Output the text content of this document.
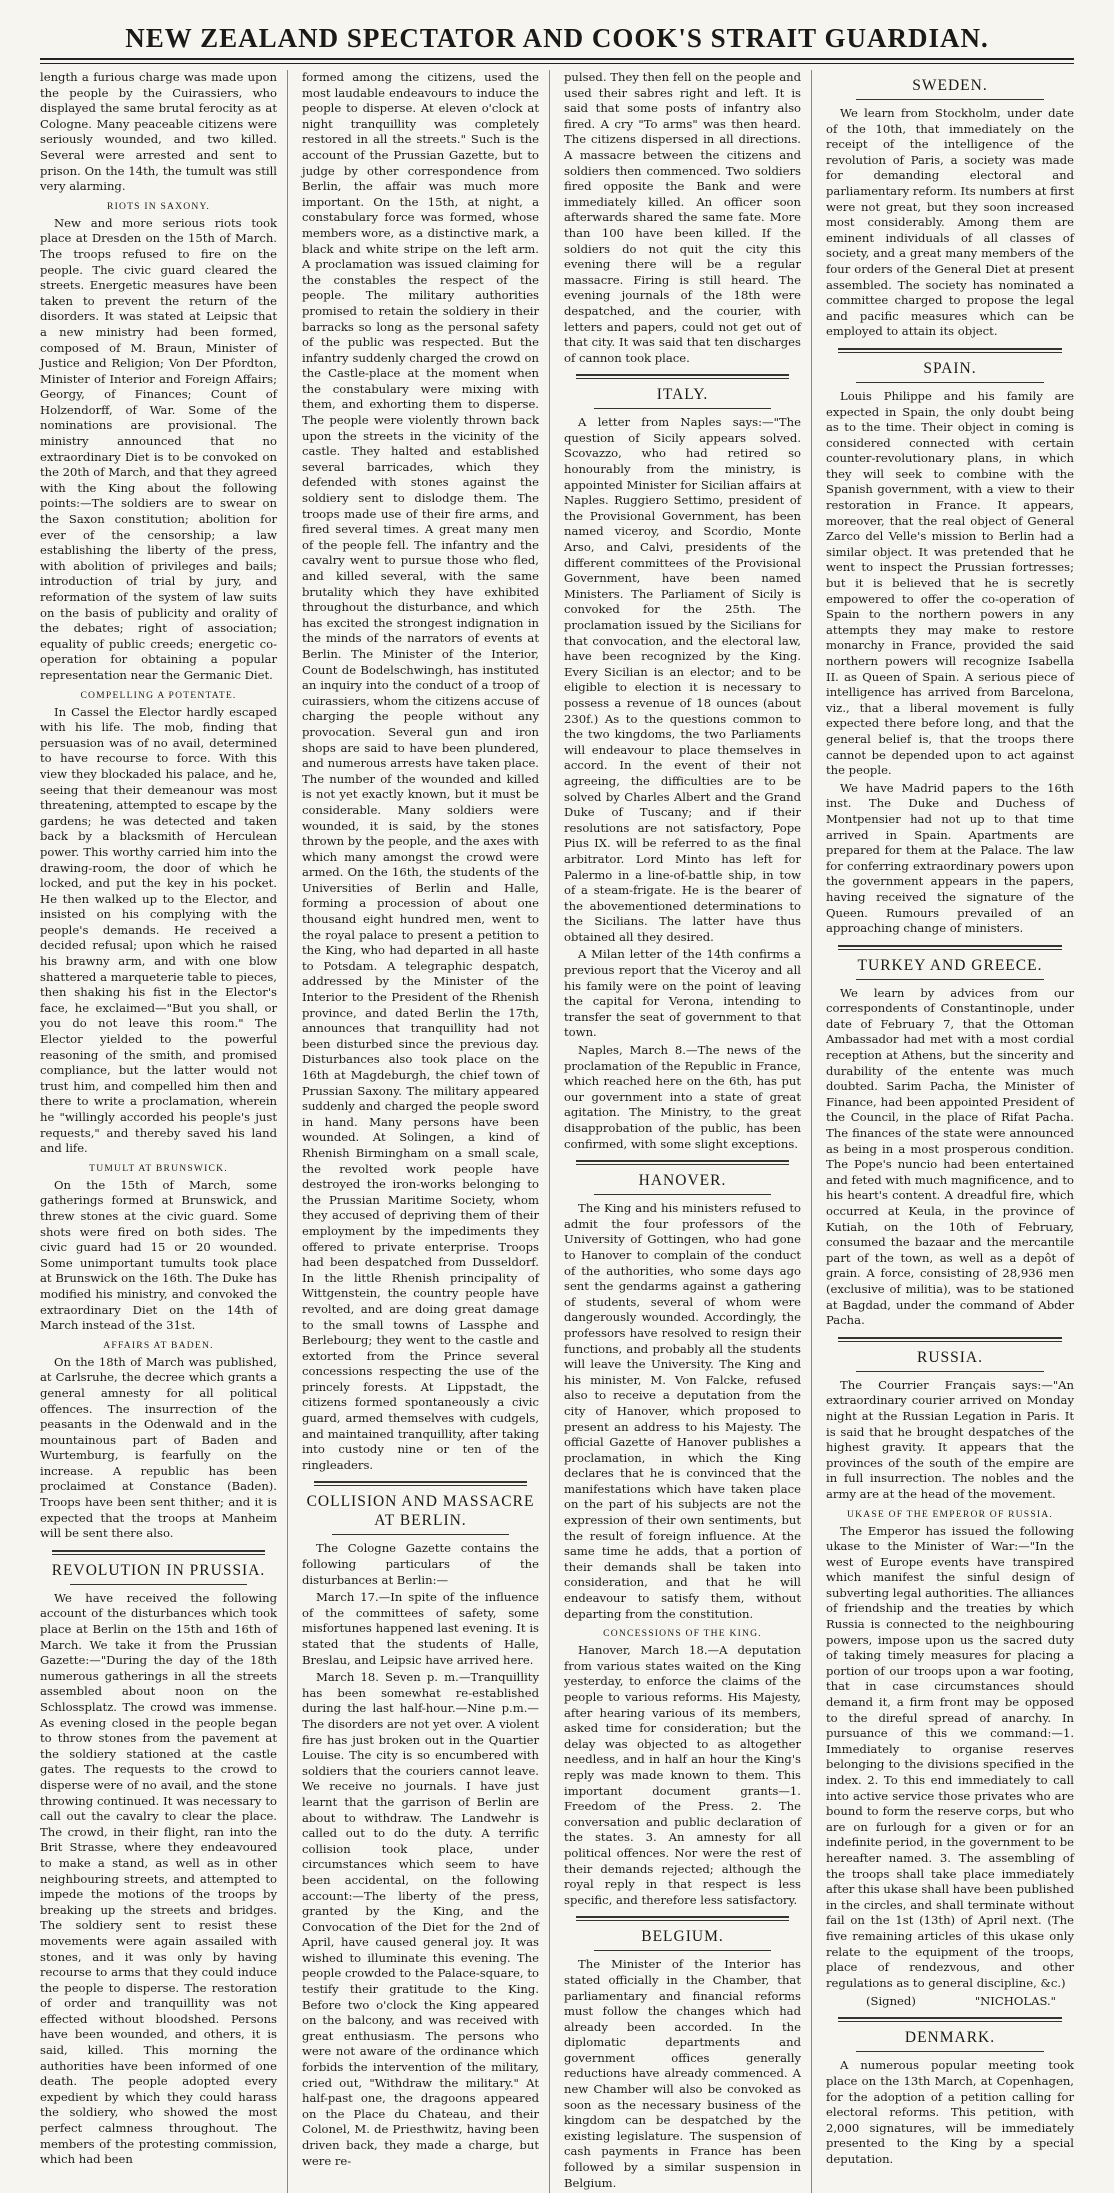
NEW ZEALAND SPECTATOR AND COOK'S STRAIT GUARDIAN.

length a furious charge was made upon the people by the Cuirassiers, who displayed the same brutal ferocity as at Cologne. Many peaceable citizens were seriously wounded, and two killed. Several were arrested and sent to prison. On the 14th, the tumult was still very alarming.

RIOTS IN SAXONY.

New and more serious riots took place at Dresden on the 15th of March. The troops refused to fire on the people. The civic guard cleared the streets. Energetic measures have been taken to prevent the return of the disorders. It was stated at Leipsic that a new ministry had been formed, composed of M. Braun, Minister of Justice and Religion; Von Der Pfordton, Minister of Interior and Foreign Affairs; Georgy, of Finances; Count of Holzendorff, of War. Some of the nominations are provisional. The ministry announced that no extraordinary Diet is to be convoked on the 20th of March, and that they agreed with the King about the following points:—The soldiers are to swear on the Saxon constitution; abolition for ever of the censorship; a law establishing the liberty of the press, with abolition of privileges and bails; introduction of trial by jury, and reformation of the system of law suits on the basis of publicity and orality of the debates; right of association; equality of public creeds; energetic co-operation for obtaining a popular representation near the Germanic Diet.

COMPELLING A POTENTATE.

In Cassel the Elector hardly escaped with his life. The mob, finding that persuasion was of no avail, determined to have recourse to force. With this view they blockaded his palace, and he, seeing that their demeanour was most threatening, attempted to escape by the gardens; he was detected and taken back by a blacksmith of Herculean power. This worthy carried him into the drawing-room, the door of which he locked, and put the key in his pocket. He then walked up to the Elector, and insisted on his complying with the people's demands. He received a decided refusal; upon which he raised his brawny arm, and with one blow shattered a marqueterie table to pieces, then shaking his fist in the Elector's face, he exclaimed—"But you shall, or you do not leave this room." The Elector yielded to the powerful reasoning of the smith, and promised compliance, but the latter would not trust him, and compelled him then and there to write a proclamation, wherein he "willingly accorded his people's just requests," and thereby saved his land and life.

TUMULT AT BRUNSWICK.

On the 15th of March, some gatherings formed at Brunswick, and threw stones at the civic guard. Some shots were fired on both sides. The civic guard had 15 or 20 wounded. Some unimportant tumults took place at Brunswick on the 16th. The Duke has modified his ministry, and convoked the extraordinary Diet on the 14th of March instead of the 31st.

AFFAIRS AT BADEN.

On the 18th of March was published, at Carlsruhe, the decree which grants a general amnesty for all political offences. The insurrection of the peasants in the Odenwald and in the mountainous part of Baden and Wurtemburg, is fearfully on the increase. A republic has been proclaimed at Constance (Baden). Troops have been sent thither; and it is expected that the troops at Manheim will be sent there also.

REVOLUTION IN PRUSSIA.

We have received the following account of the disturbances which took place at Berlin on the 15th and 16th of March. We take it from the Prussian Gazette:—"During the day of the 18th numerous gatherings in all the streets assembled about noon on the Schlossplatz. The crowd was immense. As evening closed in the people began to throw stones from the pavement at the soldiery stationed at the castle gates. The requests to the crowd to disperse were of no avail, and the stone throwing continued. It was necessary to call out the cavalry to clear the place. The crowd, in their flight, ran into the Brit Strasse, where they endeavoured to make a stand, as well as in other neighbouring streets, and attempted to impede the motions of the troops by breaking up the streets and bridges. The soldiery sent to resist these movements were again assailed with stones, and it was only by having recourse to arms that they could induce the people to disperse. The restoration of order and tranquillity was not effected without bloodshed. Persons have been wounded, and others, it is said, killed. This morning the authorities have been informed of one death. The people adopted every expedient by which they could harass the soldiery, who showed the most perfect calmness throughout. The members of the protesting commission, which had been

formed among the citizens, used the most laudable endeavours to induce the people to disperse. At eleven o'clock at night tranquillity was completely restored in all the streets." Such is the account of the Prussian Gazette, but to judge by other correspondence from Berlin, the affair was much more important. On the 15th, at night, a constabulary force was formed, whose members wore, as a distinctive mark, a black and white stripe on the left arm. A proclamation was issued claiming for the constables the respect of the people. The military authorities promised to retain the soldiery in their barracks so long as the personal safety of the public was respected. But the infantry suddenly charged the crowd on the Castle-place at the moment when the constabulary were mixing with them, and exhorting them to disperse. The people were violently thrown back upon the streets in the vicinity of the castle. They halted and established several barricades, which they defended with stones against the soldiery sent to dislodge them. The troops made use of their fire arms, and fired several times. A great many men of the people fell. The infantry and the cavalry went to pursue those who fled, and killed several, with the same brutality which they have exhibited throughout the disturbance, and which has excited the strongest indignation in the minds of the narrators of events at Berlin. The Minister of the Interior, Count de Bodelschwingh, has instituted an inquiry into the conduct of a troop of cuirassiers, whom the citizens accuse of charging the people without any provocation. Several gun and iron shops are said to have been plundered, and numerous arrests have taken place. The number of the wounded and killed is not yet exactly known, but it must be considerable. Many soldiers were wounded, it is said, by the stones thrown by the people, and the axes with which many amongst the crowd were armed. On the 16th, the students of the Universities of Berlin and Halle, forming a procession of about one thousand eight hundred men, went to the royal palace to present a petition to the King, who had departed in all haste to Potsdam. A telegraphic despatch, addressed by the Minister of the Interior to the President of the Rhenish province, and dated Berlin the 17th, announces that tranquillity had not been disturbed since the previous day. Disturbances also took place on the 16th at Magdeburgh, the chief town of Prussian Saxony. The military appeared suddenly and charged the people sword in hand. Many persons have been wounded. At Solingen, a kind of Rhenish Birmingham on a small scale, the revolted work people have destroyed the iron-works belonging to the Prussian Maritime Society, whom they accused of depriving them of their employment by the impediments they offered to private enterprise. Troops had been despatched from Dusseldorf. In the little Rhenish principality of Wittgenstein, the country people have revolted, and are doing great damage to the small towns of Lassphe and Berlebourg; they went to the castle and extorted from the Prince several concessions respecting the use of the princely forests. At Lippstadt, the citizens formed spontaneously a civic guard, armed themselves with cudgels, and maintained tranquillity, after taking into custody nine or ten of the ringleaders.

COLLISION AND MASSACRE AT BERLIN.

The Cologne Gazette contains the following particulars of the disturbances at Berlin:—

March 17.—In spite of the influence of the committees of safety, some misfortunes happened last evening. It is stated that the students of Halle, Breslau, and Leipsic have arrived here.

March 18. Seven p. m.—Tranquillity has been somewhat re-established during the last half-hour.—Nine p.m.—The disorders are not yet over. A violent fire has just broken out in the Quartier Louise. The city is so encumbered with soldiers that the couriers cannot leave. We receive no journals. I have just learnt that the garrison of Berlin are about to withdraw. The Landwehr is called out to do the duty. A terrific collision took place, under circumstances which seem to have been accidental, on the following account:—The liberty of the press, granted by the King, and the Convocation of the Diet for the 2nd of April, have caused general joy. It was wished to illuminate this evening. The people crowded to the Palace-square, to testify their gratitude to the King. Before two o'clock the King appeared on the balcony, and was received with great enthusiasm. The persons who were not aware of the ordinance which forbids the intervention of the military, cried out, "Withdraw the military." At half-past one, the dragoons appeared on the Place du Chateau, and their Colonel, M. de Priesthwitz, having been driven back, they made a charge, but were re-

pulsed. They then fell on the people and used their sabres right and left. It is said that some posts of infantry also fired. A cry "To arms" was then heard. The citizens dispersed in all directions. A massacre between the citizens and soldiers then commenced. Two soldiers fired opposite the Bank and were immediately killed. An officer soon afterwards shared the same fate. More than 100 have been killed. If the soldiers do not quit the city this evening there will be a regular massacre. Firing is still heard. The evening journals of the 18th were despatched, and the courier, with letters and papers, could not get out of that city. It was said that ten discharges of cannon took place.

ITALY.

A letter from Naples says:—"The question of Sicily appears solved. Scovazzo, who had retired so honourably from the ministry, is appointed Minister for Sicilian affairs at Naples. Ruggiero Settimo, president of the Provisional Government, has been named viceroy, and Scordio, Monte Arso, and Calvi, presidents of the different committees of the Provisional Government, have been named Ministers. The Parliament of Sicily is convoked for the 25th. The proclamation issued by the Sicilians for that convocation, and the electoral law, have been recognized by the King. Every Sicilian is an elector; and to be eligible to election it is necessary to possess a revenue of 18 ounces (about 230f.) As to the questions common to the two kingdoms, the two Parliaments will endeavour to place themselves in accord. In the event of their not agreeing, the difficulties are to be solved by Charles Albert and the Grand Duke of Tuscany; and if their resolutions are not satisfactory, Pope Pius IX. will be referred to as the final arbitrator. Lord Minto has left for Palermo in a line-of-battle ship, in tow of a steam-frigate. He is the bearer of the abovementioned determinations to the Sicilians. The latter have thus obtained all they desired.

A Milan letter of the 14th confirms a previous report that the Viceroy and all his family were on the point of leaving the capital for Verona, intending to transfer the seat of government to that town.

Naples, March 8.—The news of the proclamation of the Republic in France, which reached here on the 6th, has put our government into a state of great agitation. The Ministry, to the great disapprobation of the public, has been confirmed, with some slight exceptions.

HANOVER.

The King and his ministers refused to admit the four professors of the University of Gottingen, who had gone to Hanover to complain of the conduct of the authorities, who some days ago sent the gendarms against a gathering of students, several of whom were dangerously wounded. Accordingly, the professors have resolved to resign their functions, and probably all the students will leave the University. The King and his minister, M. Von Falcke, refused also to receive a deputation from the city of Hanover, which proposed to present an address to his Majesty. The official Gazette of Hanover publishes a proclamation, in which the King declares that he is convinced that the manifestations which have taken place on the part of his subjects are not the expression of their own sentiments, but the result of foreign influence. At the same time he adds, that a portion of their demands shall be taken into consideration, and that he will endeavour to satisfy them, without departing from the constitution.

CONCESSIONS OF THE KING.

Hanover, March 18.—A deputation from various states waited on the King yesterday, to enforce the claims of the people to various reforms. His Majesty, after hearing various of its members, asked time for consideration; but the delay was objected to as altogether needless, and in half an hour the King's reply was made known to them. This important document grants—1. Freedom of the Press. 2. The conversation and public declaration of the states. 3. An amnesty for all political offences. Nor were the rest of their demands rejected; although the royal reply in that respect is less specific, and therefore less satisfactory.

BELGIUM.

The Minister of the Interior has stated officially in the Chamber, that parliamentary and financial reforms must follow the changes which had already been accorded. In the diplomatic departments and government offices generally reductions have already commenced. A new Chamber will also be convoked as soon as the necessary business of the kingdom can be despatched by the existing legislature. The suspension of cash payments in France has been followed by a similar suspension in Belgium.

SWEDEN.

We learn from Stockholm, under date of the 10th, that immediately on the receipt of the intelligence of the revolution of Paris, a society was made for demanding electoral and parliamentary reform. Its numbers at first were not great, but they soon increased most considerably. Among them are eminent individuals of all classes of society, and a great many members of the four orders of the General Diet at present assembled. The society has nominated a committee charged to propose the legal and pacific measures which can be employed to attain its object.

SPAIN.

Louis Philippe and his family are expected in Spain, the only doubt being as to the time. Their object in coming is considered connected with certain counter-revolutionary plans, in which they will seek to combine with the Spanish government, with a view to their restoration in France. It appears, moreover, that the real object of General Zarco del Velle's mission to Berlin had a similar object. It was pretended that he went to inspect the Prussian fortresses; but it is believed that he is secretly empowered to offer the co-operation of Spain to the northern powers in any attempts they may make to restore monarchy in France, provided the said northern powers will recognize Isabella II. as Queen of Spain. A serious piece of intelligence has arrived from Barcelona, viz., that a liberal movement is fully expected there before long, and that the general belief is, that the troops there cannot be depended upon to act against the people.

We have Madrid papers to the 16th inst. The Duke and Duchess of Montpensier had not up to that time arrived in Spain. Apartments are prepared for them at the Palace. The law for conferring extraordinary powers upon the government appears in the papers, having received the signature of the Queen. Rumours prevailed of an approaching change of ministers.

TURKEY AND GREECE.

We learn by advices from our correspondents of Constantinople, under date of February 7, that the Ottoman Ambassador had met with a most cordial reception at Athens, but the sincerity and durability of the entente was much doubted. Sarim Pacha, the Minister of Finance, had been appointed President of the Council, in the place of Rifat Pacha. The finances of the state were announced as being in a most prosperous condition. The Pope's nuncio had been entertained and feted with much magnificence, and to his heart's content. A dreadful fire, which occurred at Keula, in the province of Kutiah, on the 10th of February, consumed the bazaar and the mercantile part of the town, as well as a depôt of grain. A force, consisting of 28,936 men (exclusive of militia), was to be stationed at Bagdad, under the command of Abder Pacha.

RUSSIA.

The Courrier Français says:—"An extraordinary courier arrived on Monday night at the Russian Legation in Paris. It is said that he brought despatches of the highest gravity. It appears that the provinces of the south of the empire are in full insurrection. The nobles and the army are at the head of the movement.

UKASE OF THE EMPEROR OF RUSSIA.

The Emperor has issued the following ukase to the Minister of War:—"In the west of Europe events have transpired which manifest the sinful design of subverting legal authorities. The alliances of friendship and the treaties by which Russia is connected to the neighbouring powers, impose upon us the sacred duty of taking timely measures for placing a portion of our troops upon a war footing, that in case circumstances should demand it, a firm front may be opposed to the direful spread of anarchy. In pursuance of this we command:—1. Immediately to organise reserves belonging to the divisions specified in the index. 2. To this end immediately to call into active service those privates who are bound to form the reserve corps, but who are on furlough for a given or for an indefinite period, in the government to be hereafter named. 3. The assembling of the troops shall take place immediately after this ukase shall have been published in the circles, and shall terminate without fail on the 1st (13th) of April next. (The five remaining articles of this ukase only relate to the equipment of the troops, place of rendezvous, and other regulations as to general discipline, &c.)

(Signed)	"NICHOLAS."
DENMARK.

A numerous popular meeting took place on the 13th March, at Copenhagen, for the adoption of a petition calling for electoral reforms. This petition, with 2,000 signatures, will be immediately presented to the King by a special deputation.
